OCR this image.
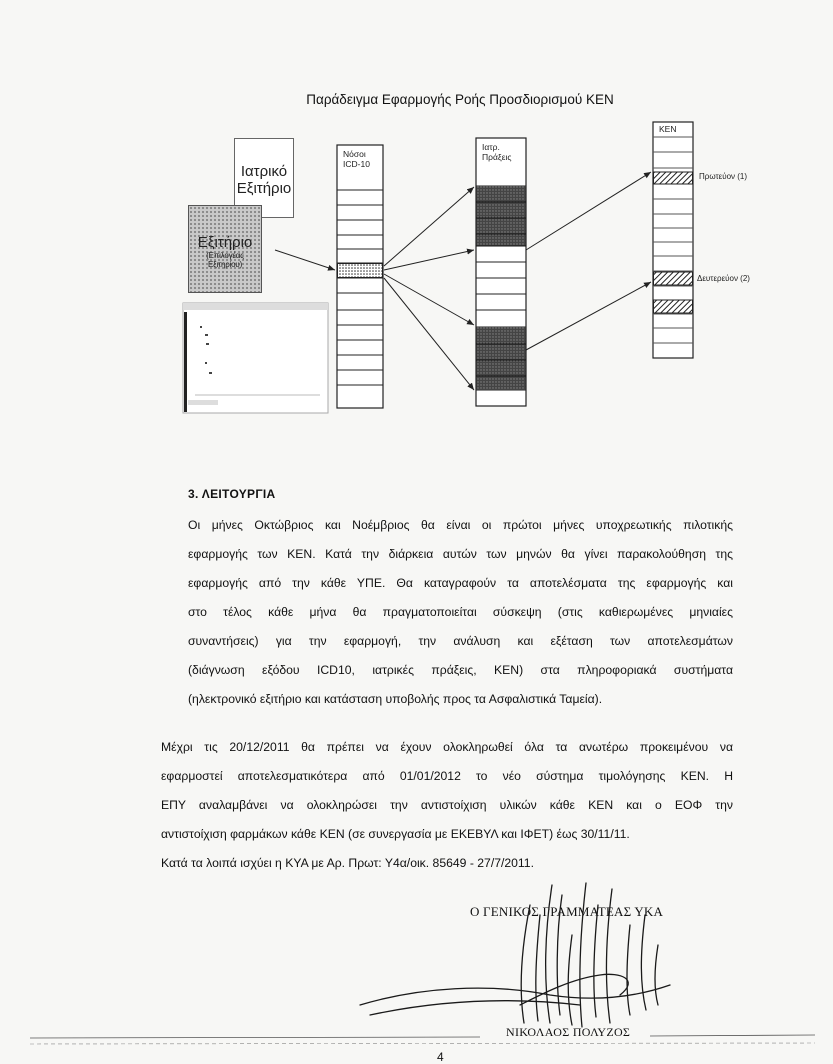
Παράδειγμα Εφαρμογής Ροής Προσδιορισμού ΚΕΝ
Ιατρικό
Εξιτήριο
Εξιτήριο
(Επιλογέας Εξιτηρίου)
Νόσοι
ICD-10
Ιατρ.
Πράξεις
ΚΕΝ
Πρωτεύον (1)
Δευτερεύον (2)
3. ΛΕΙΤΟΥΡΓΙΑ
Οι μήνες Οκτώβριος και Νοέμβριος θα είναι οι πρώτοι μήνες υποχρεωτικής πιλοτικής
εφαρμογής των ΚΕΝ. Κατά την διάρκεια αυτών των μηνών θα γίνει παρακολούθηση της
εφαρμογής από την κάθε ΥΠΕ. Θα καταγραφούν τα αποτελέσματα της εφαρμογής και
στο τέλος κάθε μήνα θα πραγματοποιείται σύσκεψη (στις καθιερωμένες μηνιαίες
συναντήσεις) για την εφαρμογή, την ανάλυση και εξέταση των αποτελεσμάτων
(διάγνωση εξόδου ICD10, ιατρικές πράξεις, ΚΕΝ) στα πληροφοριακά συστήματα
(ηλεκτρονικό εξιτήριο και κατάσταση υποβολής προς τα Ασφαλιστικά Ταμεία).
Μέχρι τις 20/12/2011 θα πρέπει να έχουν ολοκληρωθεί όλα τα ανωτέρω προκειμένου να
εφαρμοστεί αποτελεσματικότερα από 01/01/2012 το νέο σύστημα τιμολόγησης ΚΕΝ. Η
ΕΠΥ αναλαμβάνει να ολοκληρώσει την αντιστοίχιση υλικών κάθε ΚΕΝ και ο ΕΟΦ την
αντιστοίχιση φαρμάκων κάθε ΚΕΝ (σε συνεργασία με ΕΚΕΒΥΛ και ΙΦΕΤ) έως 30/11/11.
Κατά τα λοιπά ισχύει η ΚΥΑ με Αρ. Πρωτ: Υ4α/οικ. 85649 - 27/7/2011.
Ο ΓΕΝΙΚΟΣ ΓΡΑΜΜΑΤΕΑΣ ΥΚΑ
ΝΙΚΟΛΑΟΣ ΠΟΛΥΖΟΣ
4
